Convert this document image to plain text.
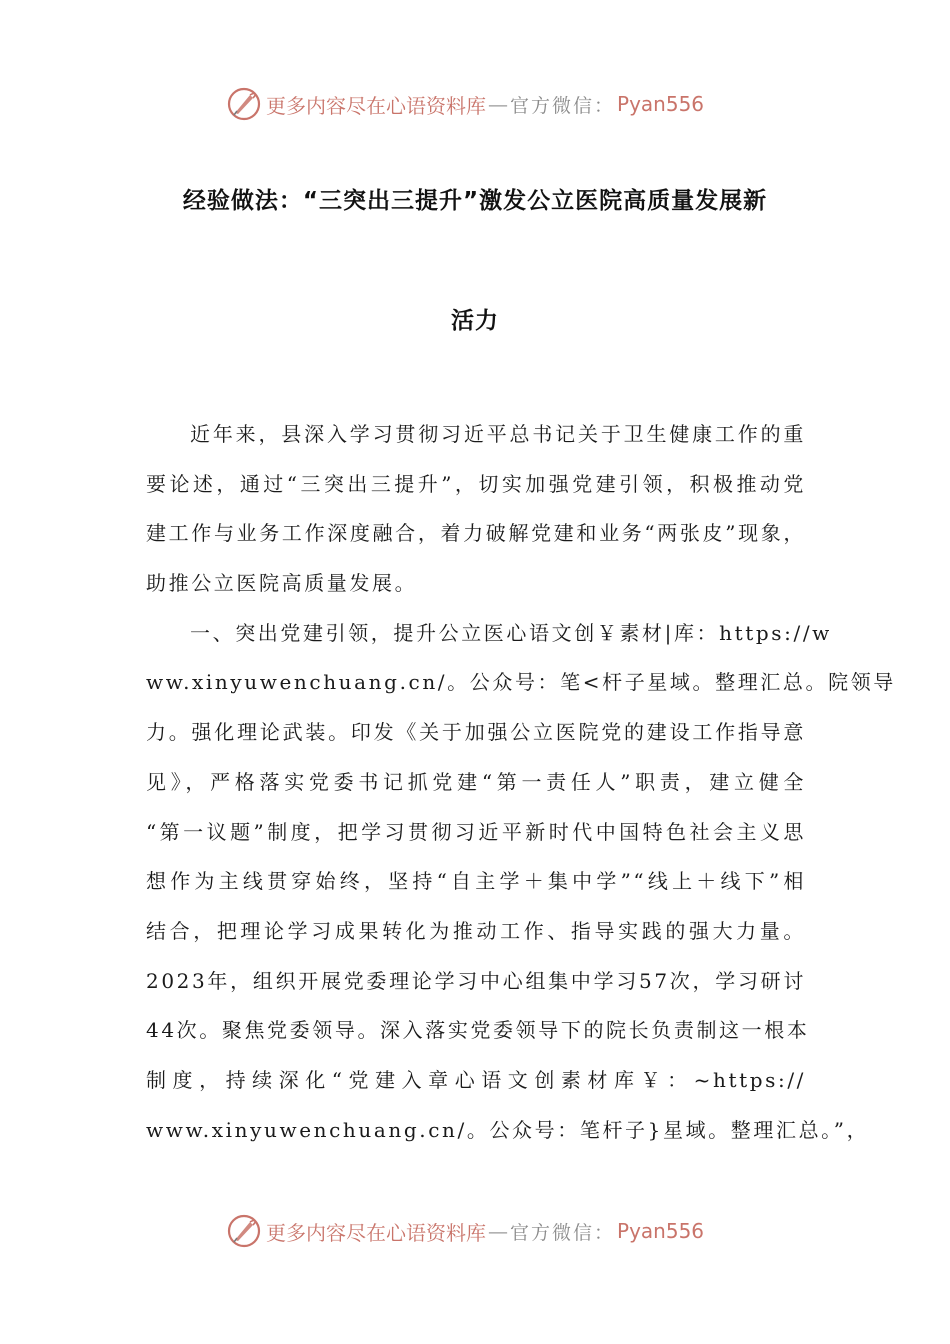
更多内容尽在心语资料库 — 官方微信： Pyan556
经验做法：“三突出三提升”激发公立医院高质量发展新
活力
近年来，县深入学习贯彻习近平总书记关于卫生健康工作的重
要论述，通过“三突出三提升”，切实加强党建引领，积极推动党
建工作与业务工作深度融合，着力破解党建和业务“两张皮”现象，
助推公立医院高质量发展。
一、突出党建引领，提升公立医心语文创￥素材|库：https://w
ww.xinyuwenchuang.cn/。公众号：笔<杆子星域。整理汇总。院领导
力。强化理论武装。印发《关于加强公立医院党的建设工作指导意
见》，严格落实党委书记抓党建“第一责任人”职责，建立健全
“第一议题”制度，把学习贯彻习近平新时代中国特色社会主义思
想作为主线贯穿始终，坚持“自主学＋集中学”“线上＋线下”相
结合，把理论学习成果转化为推动工作、指导实践的强大力量。
2023年，组织开展党委理论学习中心组集中学习57次，学习研讨
44次。聚焦党委领导。深入落实党委领导下的院长负责制这一根本
制度，持续深化“党建入章心语文创素材库￥：~https://
www.xinyuwenchuang.cn/。公众号：笔杆子}星域。整理汇总。”，
更多内容尽在心语资料库 — 官方微信： Pyan556
